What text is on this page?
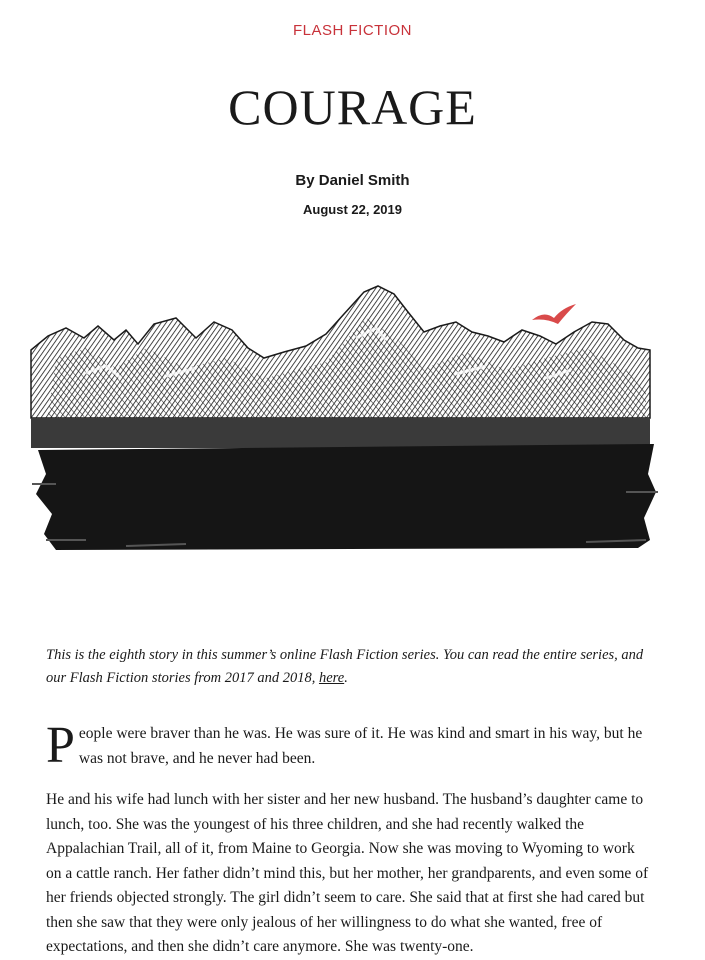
FLASH FICTION
COURAGE
By Daniel Smith
August 22, 2019
This is the eighth story in this summer’s online Flash Fiction series. You can read the entire series, and our Flash Fiction stories from 2017 and 2018, here.
People were braver than he was. He was sure of it. He was kind and smart in his way, but he was not brave, and he never had been.
He and his wife had lunch with her sister and her new husband. The husband’s daughter came to lunch, too. She was the youngest of his three children, and she had recently walked the Appalachian Trail, all of it, from Maine to Georgia. Now she was moving to Wyoming to work on a cattle ranch. Her father didn’t mind this, but her mother, her grandparents, and even some of her friends objected strongly. The girl didn’t seem to care. She said that at first she had cared but then she saw that they were only jealous of her willingness to do what she wanted, free of expectations, and then she didn’t care anymore. She was twenty-one.
